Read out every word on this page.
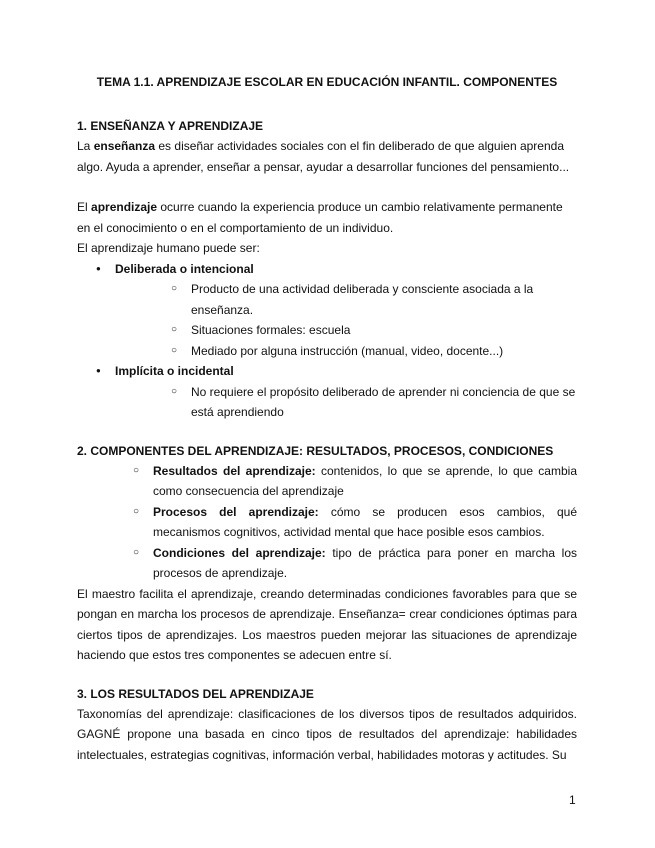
TEMA 1.1. APRENDIZAJE ESCOLAR EN EDUCACIÓN INFANTIL. COMPONENTES
1. ENSEÑANZA Y APRENDIZAJE

La enseñanza es diseñar actividades sociales con el fin deliberado de que alguien aprenda algo. Ayuda a aprender, enseñar a pensar, ayudar a desarrollar funciones del pensamiento...

El aprendizaje ocurre cuando la experiencia produce un cambio relativamente permanente en el conocimiento o en el comportamiento de un individuo.

El aprendizaje humano puede ser:

● Deliberada o intencional
○ Producto de una actividad deliberada y consciente asociada a la enseñanza.
○ Situaciones formales: escuela
○ Mediado por alguna instrucción (manual, video, docente...)
● Implícita o incidental
○ No requiere el propósito deliberado de aprender ni conciencia de que se está aprendiendo
2. COMPONENTES DEL APRENDIZAJE: RESULTADOS, PROCESOS, CONDICIONES
○ Resultados del aprendizaje: contenidos, lo que se aprende, lo que cambia como consecuencia del aprendizaje
○ Procesos del aprendizaje: cómo se producen esos cambios, qué mecanismos cognitivos, actividad mental que hace posible esos cambios.
○ Condiciones del aprendizaje: tipo de práctica para poner en marcha los procesos de aprendizaje.

El maestro facilita el aprendizaje, creando determinadas condiciones favorables para que se pongan en marcha los procesos de aprendizaje. Enseñanza= crear condiciones óptimas para ciertos tipos de aprendizajes. Los maestros pueden mejorar las situaciones de aprendizaje haciendo que estos tres componentes se adecuen entre sí.

3. LOS RESULTADOS DEL APRENDIZAJE

Taxonomías del aprendizaje: clasificaciones de los diversos tipos de resultados adquiridos. GAGNÉ propone una basada en cinco tipos de resultados del aprendizaje: habilidades intelectuales, estrategias cognitivas, información verbal, habilidades motoras y actitudes. Su

1
